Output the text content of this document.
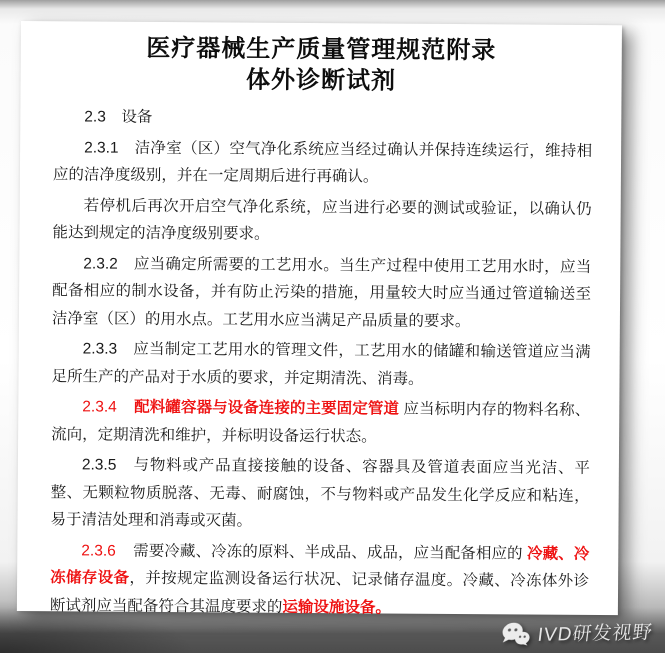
医疗器械生产质量管理规范附录
体外诊断试剂

2.3　设备

2.3.1　洁净室（区）空气净化系统应当经过确认并保持连续运行，维持相应的洁净度级别，并在一定周期后进行再确认。

若停机后再次开启空气净化系统，应当进行必要的测试或验证，以确认仍能达到规定的洁净度级别要求。

2.3.2　应当确定所需要的工艺用水。当生产过程中使用工艺用水时，应当配备相应的制水设备，并有防止污染的措施，用量较大时应当通过管道输送至洁净室（区）的用水点。工艺用水应当满足产品质量的要求。

2.3.3　应当制定工艺用水的管理文件，工艺用水的储罐和输送管道应当满足所生产的产品对于水质的要求，并定期清洗、消毒。

2.3.4 配料罐容器与设备连接的主要固定管道 应当标明内存的物料名称、流向，定期清洗和维护，并标明设备运行状态。

2.3.5　与物料或产品直接接触的设备、容器具及管道表面应当光洁、平整、无颗粒物质脱落、无毒、耐腐蚀，不与物料或产品发生化学反应和粘连，易于清洁处理和消毒或灭菌。

2.3.6 需要冷藏、冷冻的原料、半成品、成品，应当配备相应的 冷藏、冷冻储存设备，并按规定监测设备运行状况、记录储存温度。冷藏、冷冻体外诊断试剂应当配备符合其温度要求的运输设施设备。

IVD研发视野
